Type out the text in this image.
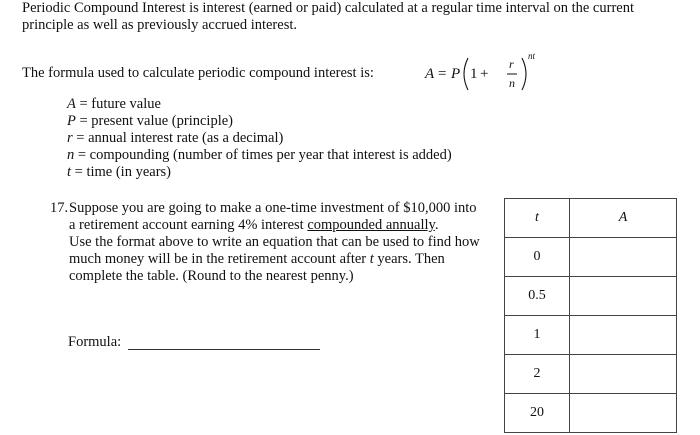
Periodic Compound Interest is interest (earned or paid) calculated at a regular time interval on the current
principle as well as previously accrued interest.
The formula used to calculate periodic compound interest is:	A = P 1 +
r
n
nt
A = future value
P = present value (principle)
r = annual interest rate (as a decimal)
n = compounding (number of times per year that interest is added)
t = time (in years)
17. Suppose you are going to make a one-time investment of $10,000 into
a retirement account earning 4% interest compounded annually.
Use the format above to write an equation that can be used to find how
much money will be in the retirement account after t years. Then
complete the table. (Round to the nearest penny.)
Formula:
t	A
0	
0.5	
1	
2	
20	
